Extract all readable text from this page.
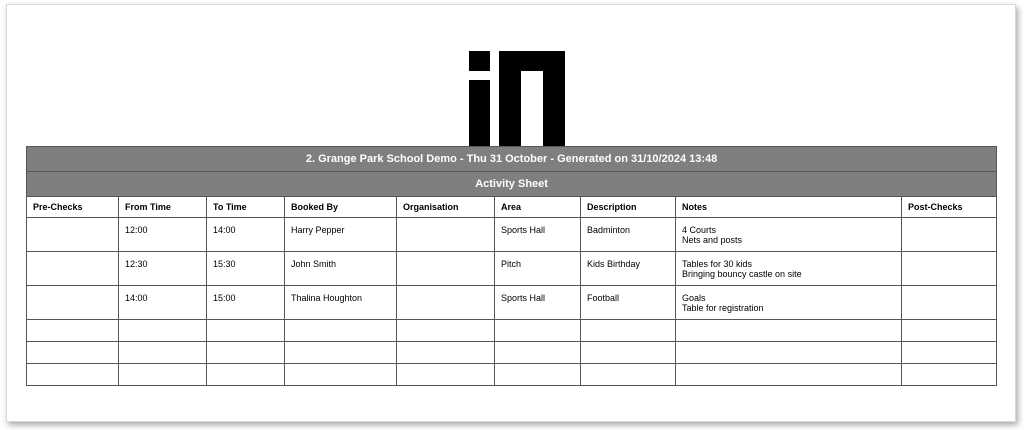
2. Grange Park School Demo - Thu 31 October - Generated on 31/10/2024 13:48								
Activity Sheet								
Pre-Checks	From Time	To Time	Booked By	Organisation	Area	Description	Notes	Post-Checks
	12:00	14:00	Harry Pepper		Sports Hall	Badminton	4 Courts
Nets and posts	

	12:30	15:30	John Smith		Pitch	Kids Birthday	Tables for 30 kids
Bringing bouncy castle on site	

	14:00	15:00	Thalina Houghton		Sports Hall	Football	Goals
Table for registration	
